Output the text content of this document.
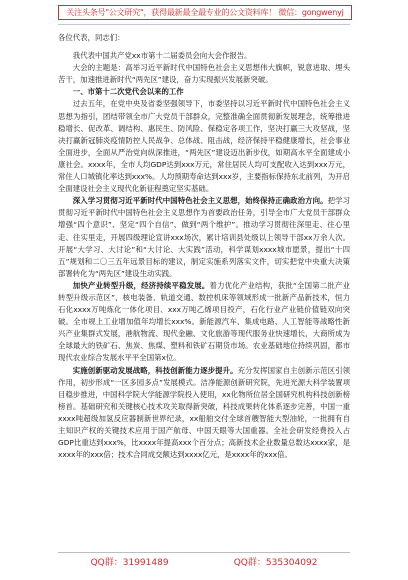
关注头条号"公文研究"，获得最新最全最专业的公文资料库！ 微信：gongwenyj

各位代表，同志们：

我代表中国共产党xx市第十二届委员会向大会作报告。

大会的主题是：高举习近平新时代中国特色社会主义思想伟大旗帜，锐意进取、埋头苦干，加速推进新时代“两先区”建设，奋力实现振兴发展新突破。

一、市第十二次党代会以来的工作

过去五年，在党中央及省委坚强领导下，市委坚持以习近平新时代中国特色社会主义思想为指引，团结带领全市广大党员干部群众，完整准确全面贯彻新发展理念，统筹推进稳增长、促改革、调结构、惠民生、防风险、保稳定各项工作，坚决打赢三大攻坚战，坚决打赢新冠肺炎疫情防控人民战争、总体战、阻击战，经济保持平稳健康增长，社会事业全面进步，全面从严治党向纵深推进，“两先区”建设迈出新步伐，如期高水平全面建成小康社会。xxxx年，全市人均GDP达到xxx万元，常住居民人均可支配收入达到xxx万元，常住人口城镇化率达到xxx%。人均预期寿命达到xxx岁，主要指标保持东北前列，为开启全面建设社会主义现代化新征程奠定坚实基础。

深入学习贯彻习近平新时代中国特色社会主义思想，始终保持正确政治方向。把学习贯彻习近平新时代中国特色社会主义思想作为首要政治任务，引导全市广大党员干部群众增强“四个意识”、坚定“四个自信”、做到“两个维护”。推动学习贯彻往深里走、往心里走、往实里走，开展四级理论宣讲xxx场次，累计培训县处级以上领导干部xx万余人次。开展“大学习、大讨论”和“大讨论、大实践”活动，科学谋划xxxx城市愿景，提出“十四五”规划和二〇三五年远景目标的建议，制定实施系列落实文件，切实把党中央重大决策部署转化为“两先区”建设生动实践。

加快产业转型升级，经济持续平稳发展。着力优化产业结构，获批“全国第二批产业转型升级示范区”，核电装备、轨道交通、数控机床等领域形成一批新产品新技术，恒力石化xxxx万吨炼化一体化项目、xxx万吨乙烯项目投产，石化行业产业链价值链双向突破。全市规上工业增加值年均增长xxx%。新能源汽车、集成电路、人工智能等战略性新兴产业集群式发展，港航物流、现代金融、文化旅游等现代服务业快速增长，大商所成为全球最大的铁矿石、焦炭、焦煤、塑料和铁矿石期货市场。农业基础地位持续巩固，都市现代农业综合发展水平平全国第x位。

实施创新驱动发展战略，科技创新能力逐步提升。充分发挥国家自主创新示范区引领作用，初步形成“一区多园多点”发展模式。洁净能源创新研究院，先进光源大科学装置项目稳步推进，中国科学院大学能源学院投入使用，xx化物所位居全国研究机构科技创新榜榜首。基础研究和关键核心技术攻关取得新突破，科技成果转化体系逐步完善，中国一重xxxx吨超级加氢反应器制新世界纪录，xx船舶交付全球首艘智能大型油轮，一批拥有自主知识产权的关键技术应用于国产航母、中国天眼等大国重器。全社会研发经费投入占GDP比重达到xxx%，比xxxx年提高xxx个百分点；高新技术企业数量总数达xxxx家，是xxxx年的xxx倍；技术合同成交额达到xxxx亿元，是xxxx年的xxx倍。

QQ群：31991489	QQ群：535304092
